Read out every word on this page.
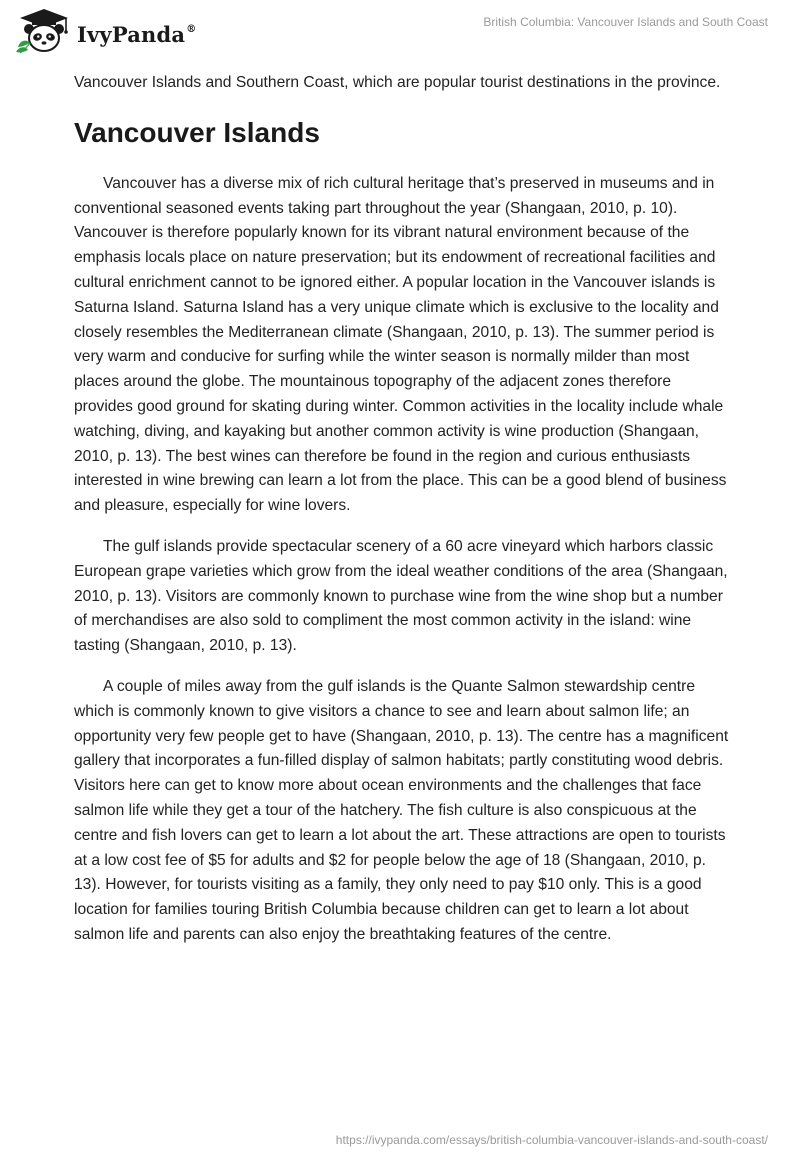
IvyPanda®	British Columbia: Vancouver Islands and South Coast

Vancouver Islands and Southern Coast, which are popular tourist destinations in the province.

Vancouver Islands

Vancouver has a diverse mix of rich cultural heritage that’s preserved in museums and in conventional seasoned events taking part throughout the year (Shangaan, 2010, p. 10). Vancouver is therefore popularly known for its vibrant natural environment because of the emphasis locals place on nature preservation; but its endowment of recreational facilities and cultural enrichment cannot to be ignored either. A popular location in the Vancouver islands is Saturna Island. Saturna Island has a very unique climate which is exclusive to the locality and closely resembles the Mediterranean climate (Shangaan, 2010, p. 13). The summer period is very warm and conducive for surfing while the winter season is normally milder than most places around the globe. The mountainous topography of the adjacent zones therefore provides good ground for skating during winter. Common activities in the locality include whale watching, diving, and kayaking but another common activity is wine production (Shangaan, 2010, p. 13). The best wines can therefore be found in the region and curious enthusiasts interested in wine brewing can learn a lot from the place. This can be a good blend of business and pleasure, especially for wine lovers.

The gulf islands provide spectacular scenery of a 60 acre vineyard which harbors classic European grape varieties which grow from the ideal weather conditions of the area (Shangaan, 2010, p. 13). Visitors are commonly known to purchase wine from the wine shop but a number of merchandises are also sold to compliment the most common activity in the island: wine tasting (Shangaan, 2010, p. 13).

A couple of miles away from the gulf islands is the Quante Salmon stewardship centre which is commonly known to give visitors a chance to see and learn about salmon life; an opportunity very few people get to have (Shangaan, 2010, p. 13). The centre has a magnificent gallery that incorporates a fun-filled display of salmon habitats; partly constituting wood debris. Visitors here can get to know more about ocean environments and the challenges that face salmon life while they get a tour of the hatchery. The fish culture is also conspicuous at the centre and fish lovers can get to learn a lot about the art. These attractions are open to tourists at a low cost fee of $5 for adults and $2 for people below the age of 18 (Shangaan, 2010, p. 13). However, for tourists visiting as a family, they only need to pay $10 only. This is a good location for families touring British Columbia because children can get to learn a lot about salmon life and parents can also enjoy the breathtaking features of the centre.

https://ivypanda.com/essays/british-columbia-vancouver-islands-and-south-coast/
